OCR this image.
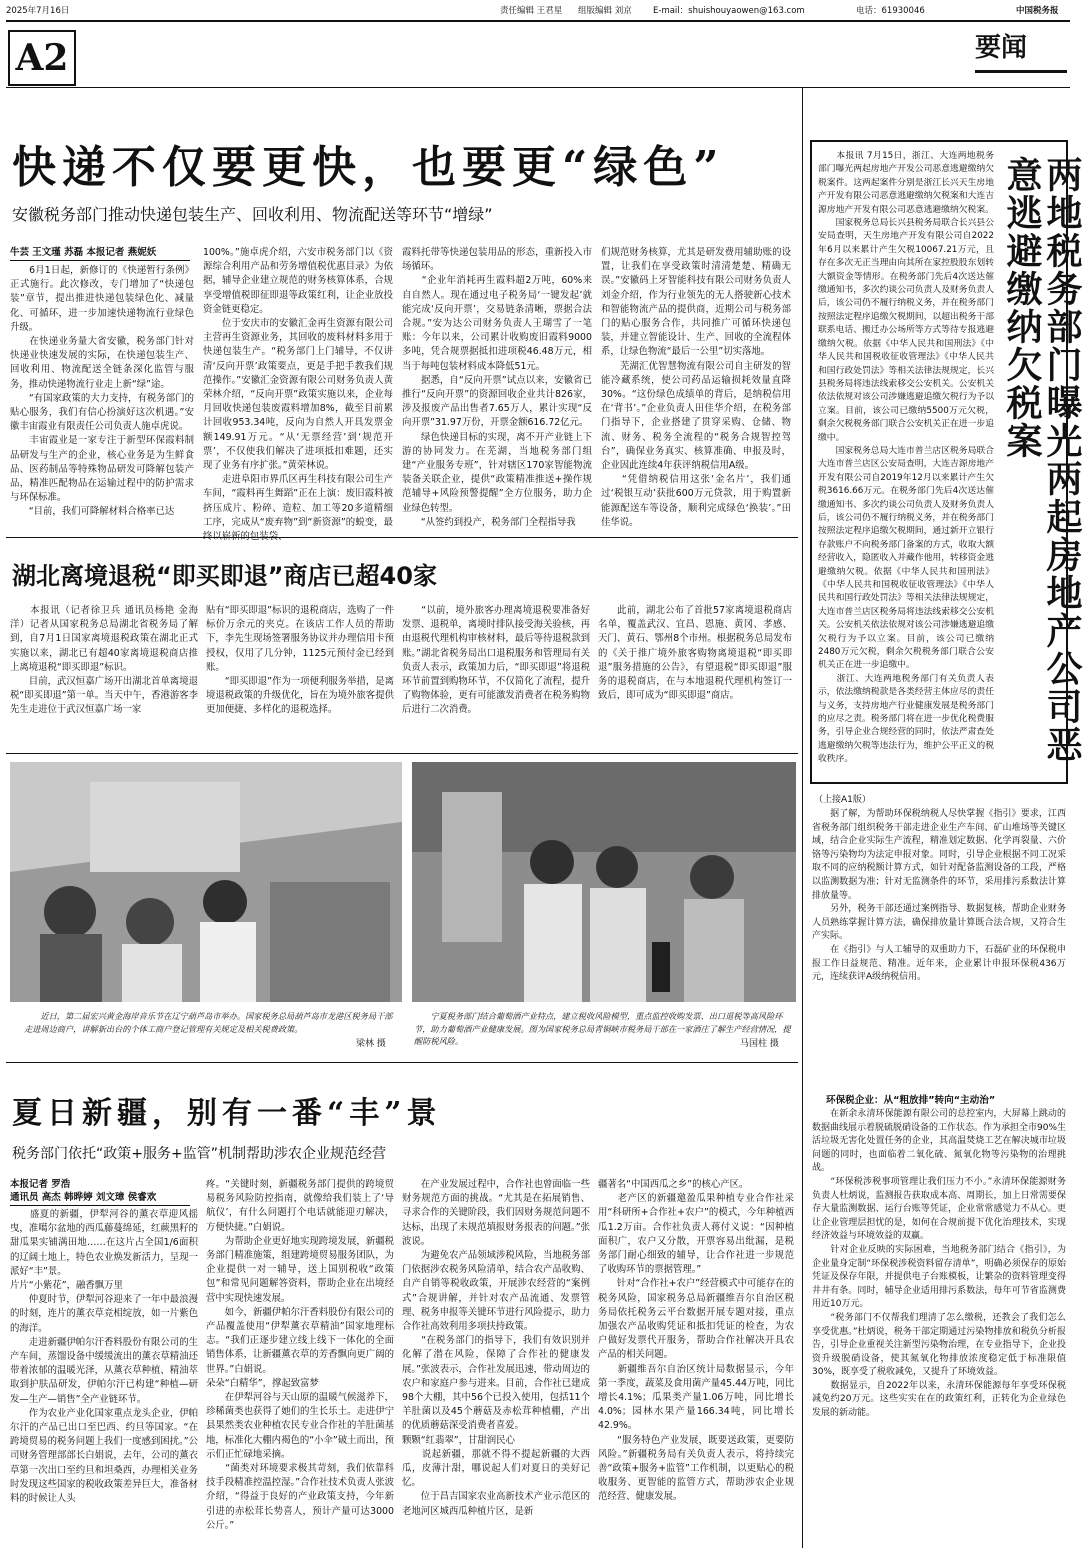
2025年7月16日	责任编辑 王君星 组版编辑 刘京	E-mail：shuishouyaowen@163.com	电话：61930046	中国税务报
A2	要闻
快递不仅要更快，也要更“绿色”
安徽税务部门推动快递包装生产、回收利用、物流配送等环节“增绿”
牛芸 王文瑾 苏磊 本报记者 燕妮妖
　　6月1日起，新修订的《快递暂行条例》正式施行。此次修改，专门增加了“快递包装”章节，提出推进快递包装绿色化、减量化、可循环，进一步加速快递物流行业绿色升级。
　　在快递业务量大省安徽，税务部门针对快递业快速发展的实际，在快递包装生产、回收利用、物流配送全链条深化监管与服务，推动快递物流行业走上新“绿”途。
　　“有国家政策的大力支持，有税务部门的贴心服务，我们有信心扮演好这次机遇。”安徽丰宙霞业有限责任公司负责人施卓虎说。
　　丰宙霞业是一家专注于新型环保霞料制品研发与生产的企业，核心业务是为生鲜食品、医药制品等特殊物品研发可降解包装产品，精准匹配物品在运输过程中的防护需求与环保标准。
　　“目前，我们可降解材料合格率已达
100%。”施卓虎介绍，六安市税务部门以《资源综合利用产品和劳务增值税优惠目录》为依据，辅导企业建立规范的财务核算体系，合规享受增值税即征即退等政策红利，让企业放投资金链更稳定。
　　位于安庆市的安徽汇金再生资源有限公司主营再生资源业务，其回收的废料材料多用于快递包装生产。“税务部门上门辅导，不仅讲清‘反向开票’政策要点，更是手把手教我们规范操作。”安徽汇金资源有限公司财务负责人黄荣林介绍，“反向开票”政策实施以来，企业每月回收快递包装废霞料增加8%，截至目前累计回收953.34吨，反向为自然人开具发票金额149.91万元。“从‘无票经营’到‘规范开票’，不仅使我们解决了进项抵扣难题，还实现了业务有序扩张。”黄荣林说。
　　走进阜阳市界爪区再生科技有限公司生产车间，“霞料再生舞蹈”正在上演：废旧霞料被挤压成片、粉碎、造粒、加工等20多道精细工序，完成从“废弃物”到“新资源”的蜕变，最
霞料托带等快递包装用品的形态，重新投入市场循环。
　　“企业年消耗再生霞料超2万吨，60%来自自然人。现在通过电子税务局‘一键发起’就能完成‘反向开票’，交易链条清晰，票据合法合规。”安为达公司财务负责人王瑚雪了一笔账：今年以来，公司累计收购废旧霞料9000多吨，凭合规票据抵扣进项税46.48万元，相当于每吨包装材料成本降低51元。
　　据悉，自“反向开票”试点以来，安徽省已推行“反向开票”的资源回收企业共计826家，涉及报废产品出售者7.65万人，累计实现“反向开票”31.97万份，开票金额616.72亿元。
　　绿色快递目标的实现，离不开产业链上下游的协同发力。在芜湖，当地税务部门组建“产业服务专班”，针对辖区170家智能物流装备关联企业，提供“政策精准推送+操作规范辅导+风险预警提醒”全方位服务，助力企业绿色转型。
　　“从签约到投产，税务部门全程指导我
们规范财务核算，尤其是研发费用辅助账的设置，让我们在享受政策时清清楚楚、精确无误。”安徽码上牙智能科技有限公司财务负责人刘金介绍，作为行业领先的无人搭驶新心技术和智能物流产品的提供商，近期公司与税务部门的贴心服务合作，共同推广可循环快递包装，并建立智能设计、生产、回收的全流程体系，让绿色物流“最后一公里”切实落地。
　　芜湖汇优智慧物流有限公司自主研发的智能冷藏系统，使公司药品运输损耗效量直降30%。“这份绿色成绩单的背后，是纳税信用在‘背书’。”企业负责人田佳华介绍，在税务部门指导下，企业搭建了贯穿采购、仓储、物流、财务、税务全流程的“税务合规智控驾台”，确保业务真实、核算准确、申报及时，企业因此连续4年获评纳税信用A级。
　　“凭借纳税信用这张‘金名片’，我们通过‘税银互动’获批600万元贷款，用于购置新能源配送车等设备，顺利完成绿色‘换装’。”田佳华说。
湖北离境退税“即买即退”商店已超40家
　　本报讯（记者徐卫兵 通讯员杨艳 金海洋）记者从国家税务总局湖北省税务局了解到，自7月1日国家离境退税政策在湖北正式实施以来，湖北已有超40家离境退税商店推上离境退税“即买即退”标识。
　　目前，武汉恒嘉广场开出湖北首单离境退税“即买即退”第一单。当天中午，香港游客李先生走进位于武汉恒嘉广场一家
贴有“即买即退”标识的退税商店，选购了一件标价万余元的夹克。在该店工作人员的帮助下，李先生现场签署服务协议并办理信用卡预授权，仅用了几分钟，1125元预付金已经到账。
　　“即买即退”作为一项便利服务举措，是离境退税政策的升级优化，旨在为境外旅客提供更加便捷、多样化的退税选择。
　　“以前，境外旅客办理离境退税要准备好发票、退税单，离境时排队接受海关验核，再由退税代理机构审核材料，最后等待退税款到账。”湖北省税务局出口退税服务和管理局有关负责人表示，政策加力后，“即买即退”将退税环节前置到购物环节，不仅简化了流程，提升了购物体验，更有可能激发消费者在税务购物后进行二次消费。
　　此前，湖北公布了首批57家离境退税商店名单，覆盖武汉、宜昌、恩施、黄冈、孝感、天门、黄石、鄂州8个市州。根据税务总局发布的《关于推广境外旅客购物离境退税“即买即退”服务措施的公告》，有望退税“即买即退”服务的退税商店，在与本地退税代理机构签订一致后，即可成为“即买即退”商店。
　　近日，第二届宏兴黄金海岸音乐节在辽宁葫芦岛市举办。国家税务总局葫芦岛市龙港区税务局干部走进周边商户，讲解新出台的个体工商户登记管理有关规定及相关税费政策。
梁林 摄
　　宁夏税务部门结合葡萄酒产业特点，建立税收风险模型，重点监控收购发票、出口退税等高风险环节，助力葡萄酒产业健康发展。图为国家税务总局青铜峡市税务局干部在一家酒庄了解生产经营情况，提醒防税风险。	马国柱 摄
夏日新疆，别有一番“丰”景
税务部门依托“政策+服务+监管”机制帮助涉农企业规范经营
本报记者 罗浩
通讯员 高杰 韩晔婷 刘文璋 侯睿欢
　　盛夏的新疆，伊犁河谷的薰衣草迎风摇曳，准噶尔盆地的西瓜藤蔓绵延，红蕨黑籽的甜瓜果实铺满田地……在这片占全国1/6面积的辽阔土地上，特色农业焕发新活力，呈现一派好“丰”景。
片片“小紫花”，融香飘万里
　　仲夏时节，伊犁河谷迎来了一年中最浪漫的时刻，连片的薰衣草竞相绽放，如一片紫色的海洋。
　　走进新疆伊帕尔汗香料股份有限公司的生产车间，蒸馏设备中缓缓流出的薰衣草精油还带着浓郁的温暖光泽，从薰衣草种植、精油萃取到护肤品研发，伊帕尔汗已构建“种植—研发—生产—销售”全产业链环节。
　　作为农业产业化国家重点龙头企业，伊帕尔汗的产品已出口至巴西、约旦等国家。“在跨境贸易的税务问题上我们一度感到困扰。”公司财务管理部部长白娟说，去年，公司的薰衣草第一次出口至约旦和坦桑西，办理相关业务时发现这些国家的税收政策差异巨大，准备材料的时候让人头
疼。“关键时刻，新疆税务部门提供的跨境贸易税务风险防控指南，就像给我们装上了‘导航仪’，有什么问题打个电话就能迎刃解决，方便快捷。”白娟说。
　　为帮助企业更好地实现跨境发展，新疆税务部门精准施策，组建跨境贸易服务团队，为企业提供一对一辅导，送上国别税收“政策包”和常见问题解答资料，帮助企业在出境经营中实现快速发展。
　　如今，新疆伊帕尔汗香料股份有限公司的产品覆盖使用“伊犁薰衣草精油”国家地理标志。“我们正逐步建立线上线下一体化的全面销售体系，让新疆薰衣草的芳香飘向更广阔的世界。”白娟说。
朵朵“白精华”，撑起致富梦
　　在伊犁河谷与天山原的温暖气候滋养下，珍稀菌类也获得了她们的生长乐土。走进伊宁县果然类农业种植农民专业合作社的羊肚菌基地，标准化大棚内褐色的“小伞”破土而出，预示们正忙碌地采摘。
　　“菌类对环境要求极其苛刻，我们依靠科技手段精准控温控湿。”合作社技术负责人张波介绍，“得益于良好的产业政策支持，今年新引进的赤松茸长势喜人，预计产量可达3000公斤。”
　　在产业发展过程中，合作社也曾面临一些财务规范方面的挑战。“尤其是在拓展销售、寻求合作的关键阶段，我们因财务规范问题不达标，出现了未规范填报财务报表的问题。”张波说。
　　为避免农产品领域涉税风险，当地税务部门依据涉农税务风险清单，结合农产品收购、自产自销等税收政策，开展涉农经营的“案例式”合规讲解，并针对农产品流通、发票管理、税务申报等关键环节进行风险提示，助力合作社高效利用多项扶持政策。
　　“在税务部门的指导下，我们有效识别并化解了潜在风险，保障了合作社的健康发展。”张波表示，合作社发展迅速，带动周边的农户和家庭户参与进来。目前，合作社已建成98个大棚，其中56个已投入使用，包括11个羊肚菌以及45个蘑菇及赤松茸种植棚，产出的优质蘑菇深受消费者喜爱。
颗颗“红翡翠”，甘甜润民心
　　说起新疆，那就不得不提起新疆的大西瓜，皮薄汁甜，哪说起人们对夏日的美好记忆。
　　位于昌吉国家农业高新技术产业示范区的老地河区城西瓜种植片区，是新
疆著名“中国西瓜之乡”的核心产区。
　　老产区的新疆邀盈瓜果种植专业合作社采用“科研所+合作社+农户”的模式，今年种植西瓜1.2万亩。合作社负责人蒋付义说：“因种植面积广，农户又分散，开票容易出纰漏，是税务部门耐心细致的辅导，让合作社进一步规范了收购环节的票据管理。”
　　针对“合作社+农户”经营模式中可能存在的税务风险，国家税务总局新疆维吾尔自治区税务局依托税务云平台数据开展专题对接，重点加强农产品收购凭证和抵扣凭证的检查，为农户做好发票代开服务，帮助合作社解决开具农产品的相关问题。
　　新疆维吾尔自治区统计局数据显示，今年第一季度，蔬菜及食用菌产量45.44万吨，同比增长4.1%；瓜果类产量1.06万吨，同比增长4.0%；园林水果产量166.34吨，同比增长42.9%。
　　“服务特色产业发展，既要送政策，更要防风险。”新疆税务局有关负责人表示，将持续完善“政策+服务+监管”工作机制，以更贴心的税收服务、更智能的监管方式，帮助涉农企业规范经营、健康发展。
两地税务部门曝光两起房地产公司恶意逃避缴纳欠税案
　　本报讯 7月15日，浙江、大连两地税务部门曝光两起房地产开发公司恶意逃避缴纳欠税案件。这两起案件分别是浙江长兴天生房地产开发有限公司恶意逃避缴纳欠税案和大连吉源房地产开发有限公司恶意逃避缴纳欠税案。
　　国家税务总局长兴县税务局联合长兴县公安局查明，天生房地产开发有限公司自2022年6月以来累计产生欠税10067.21万元，且存在多次无正当理由向其所在家控股股东划转大额资金等情形。在税务部门先后4次送达催缴通知书，多次约谈公司负责人及财务负责人后，该公司仍不履行纳税义务，并在税务部门按照法定程序追缴欠税期间，以超出税务干部联系电话、搬迁办公场所等方式等待专报逃避缴纳欠税。依据《中华人民共和国刑法》《中华人民共和国税收征收管理法》《中华人民共和国行政处罚法》等相关法律法规规定，长兴县税务局将违法线索移交公安机关。公安机关依法依规对该公司涉嫌逃避追缴欠税行为予以立案。目前，该公司已缴纳5500万元欠税，剩余欠税税务部门联合公安机关正在进一步追缴中。
　　国家税务总局大连市普兰店区税务局联合大连市普兰店区公安局查明，大连吉源房地产开发有限公司自2019年12月以来累计产生欠税3616.66万元。在税务部门先后4次送达催缴通知书、多次约谈公司负责人及财务负责人后，该公司仍不履行纳税义务，并在税务部门按照法定程序追缴欠税期间，通过新开立银行存款账户不向税务部门备案的方式，收取大额经营收入，隐匿收入并藏作他用，转移资金逃避缴纳欠税。依据《中华人民共和国刑法》《中华人民共和国税收征收管理法》《中华人民共和国行政处罚法》等相关法律法规规定，大连市普兰店区税务局将违法线索移交公安机关。公安机关依法依规对该公司涉嫌逃避追缴欠税行为予以立案。目前，该公司已缴纳2480万元欠税，剩余欠税税务部门联合公安机关正在进一步追缴中。
　　浙江、大连两地税务部门有关负责人表示，依法缴纳税款是各类经营主体应尽的责任与义务，支持房地产行业健康发展是税务部门的应尽之责。税务部门将在进一步优化税费服务，引导企业合规经营的同时，依法严肃查处逃避缴纳欠税等违法行为，维护公平正义的税收秩序。
（上接A1版）
　　据了解，为帮助环保税纳税人尽快掌握《指引》要求，江西省税务部门组织税务干部走进企业生产车间、矿山堆场等关键区域，结合企业实际生产流程，精准划定数据、化学再裂量、六价铬等污染物均为法定申报对象。同时，引导企业根据不同工况采取不同的应纳税额计算方式，如针对配备监测设备的工段，严格以监测数据为准；针对无监测条件的环节，采用排污系数法计算排放量等。
　　另外，税务干部还通过案例指导、数据复核，帮助企业财务人员熟练掌握计算方法，确保排放量计算既合法合规，又符合生产实际。
　　在《指引》与人工辅导的双重助力下，石磊矿业的环保税申报工作日益规范、精准。近年来，企业累计申报环保税436万元，连续获评A级纳税信用。
环保税企业：从“粗放排”转向“主动治”
　　在新余永清环保能源有限公司的总控室内，大屏幕上跳动的数据曲线展示着脱硫脱硝设备的工作状态。作为承担全市90%生活垃圾无害化处置任务的企业，其高温焚烧工艺在解决城市垃圾问题的同时，也面临着二氧化硫、氮氧化物等污染物的治理挑战。
　　“环保税涉税事项管理让我们压力不小。”永清环保能源财务负责人杜炳说，监测报告获取成本高、周期长，加上日常需要保存大量监测数据、运行台账等凭证，企业常常感觉力不从心。更让企业管理层担忧的是，如何在合规前提下优化治理技术，实现经济效益与环境效益的双赢。
　　针对企业反映的实际困难，当地税务部门结合《指引》，为企业量身定制“环保税涉税资料留存清单”，明确必须保存的原始凭证及保存年限，并提供电子台账模板，让繁杂的资料管理变得井井有条。同时，辅导企业适用排污系数法，每年可节省监测费用近10万元。
　　“税务部门不仅帮我们理清了怎么缴税，还教会了我们怎么享受优惠。”杜炳说，税务干部定期通过污染物排放和税负分析报告，引导企业重视关注新型污染物治理，在专业指导下，企业投资升级脱硝设备，使其氮氧化物排放浓度稳定低于标准限值30%，既享受了税收减免，又提升了环境效益。
　　数据显示，自2022年以来，永清环保能源每年享受环保税减免约20万元。这些实实在在的政策红利，正转化为企业绿色发展的新动能。
